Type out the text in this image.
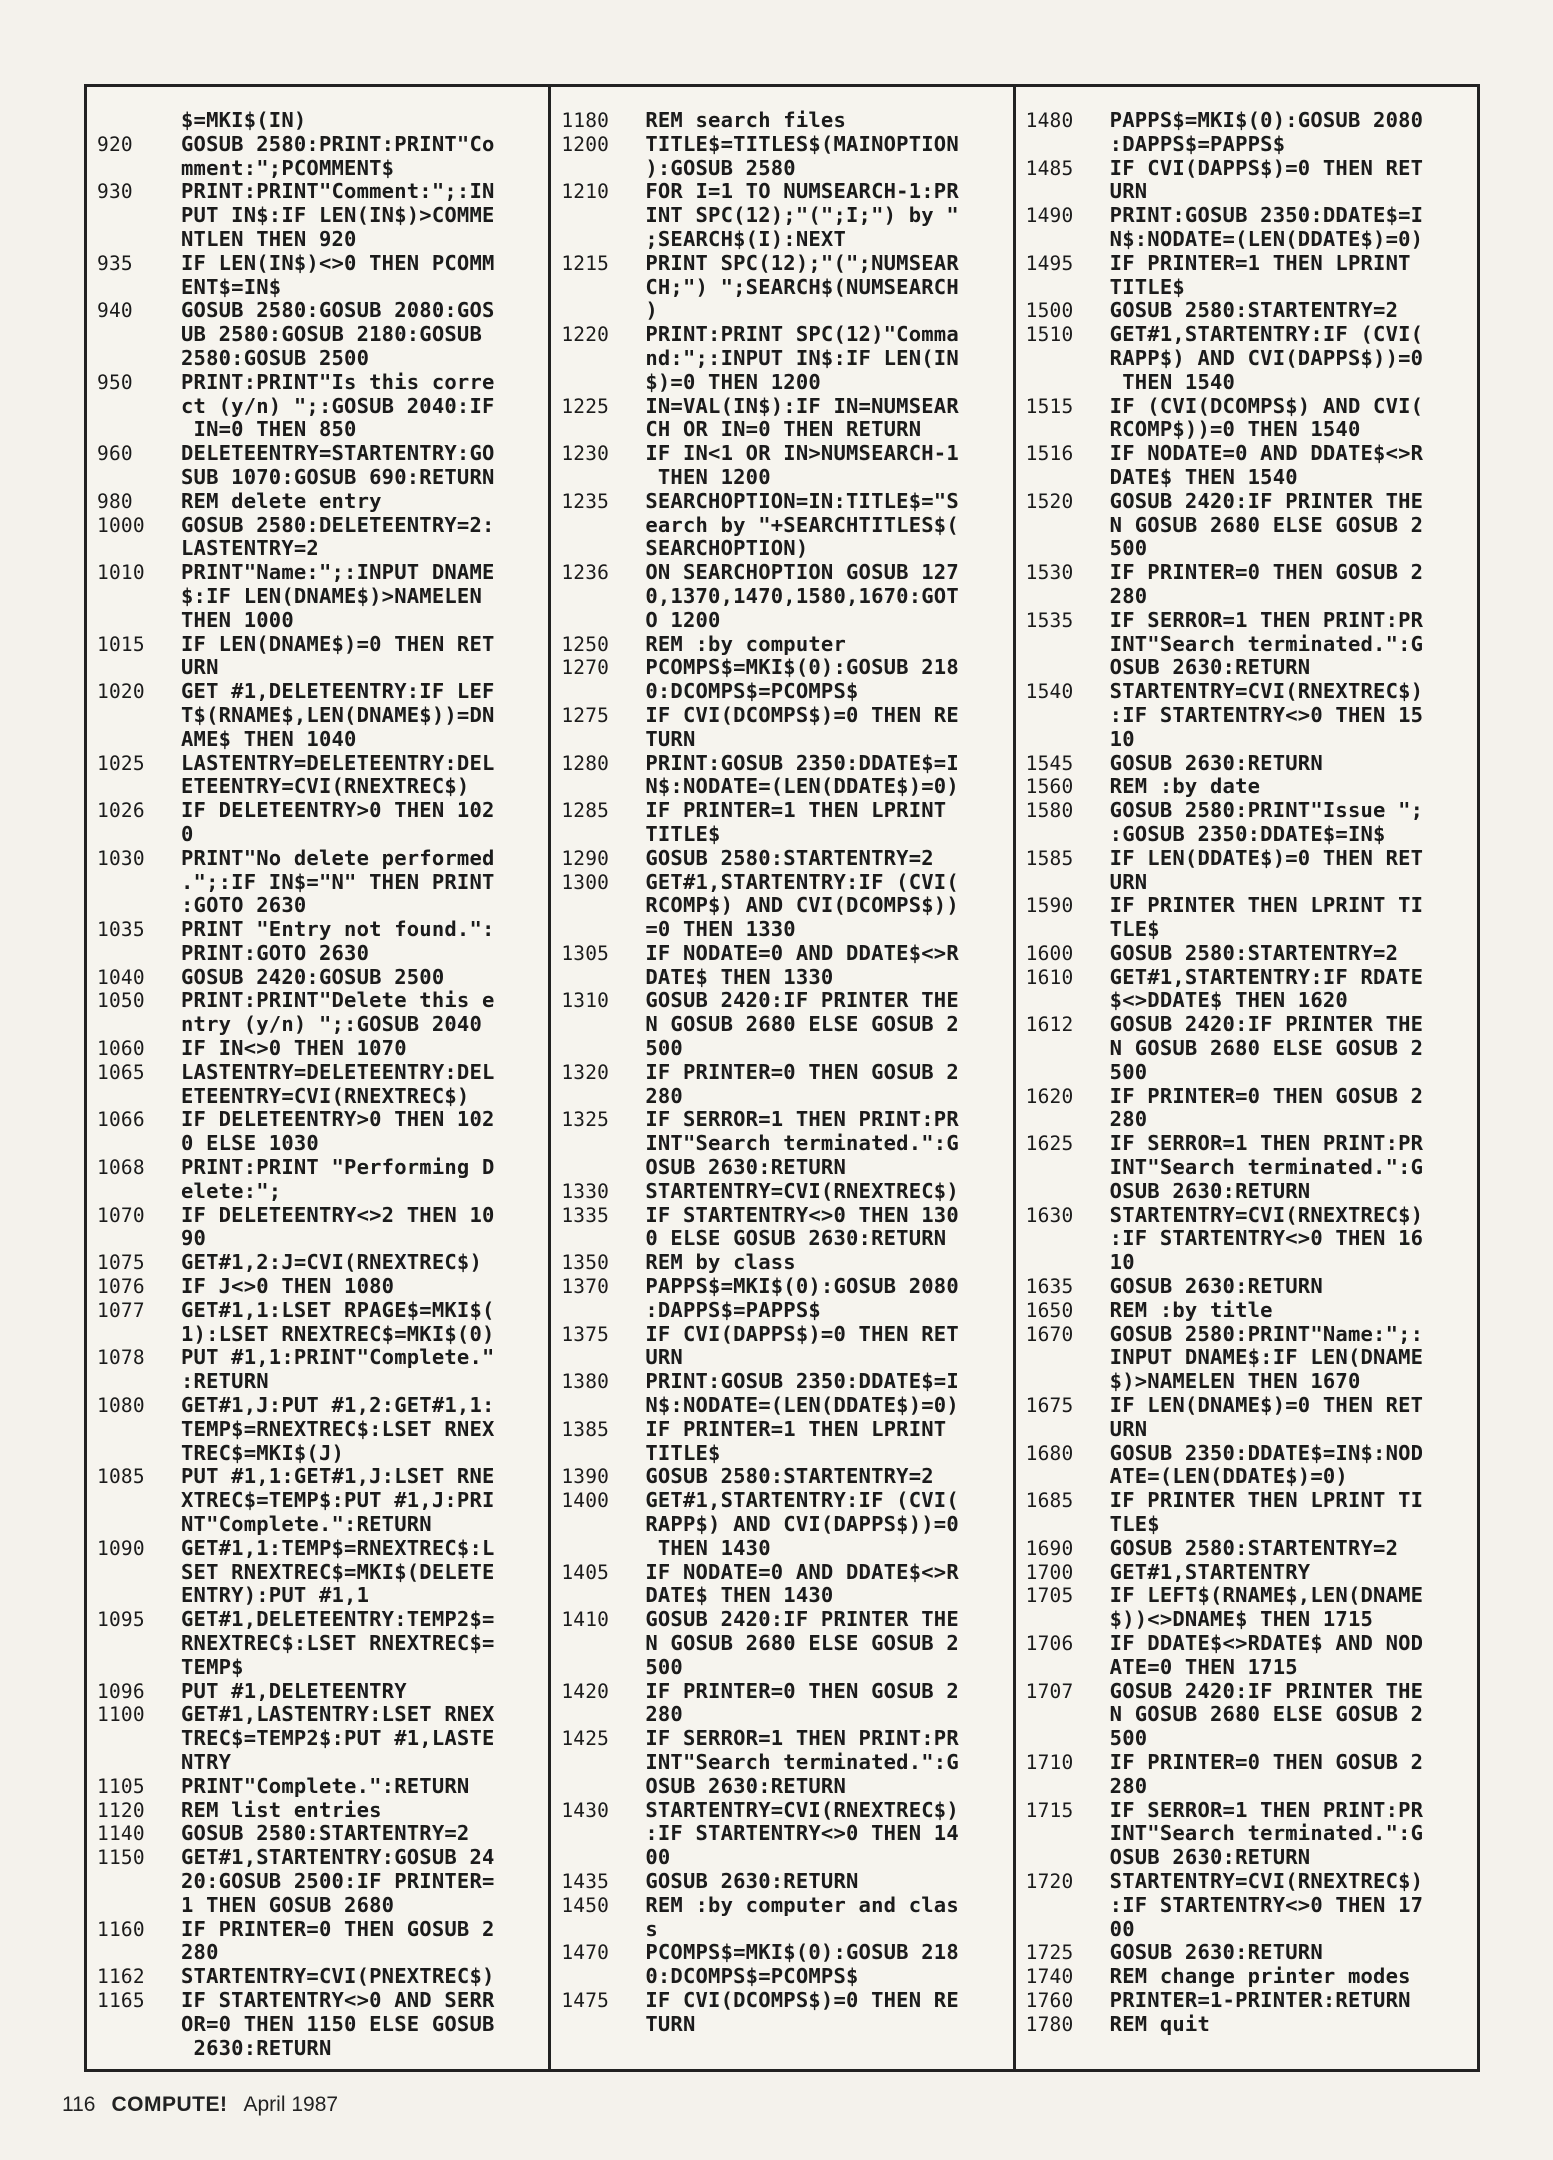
$=MKI$(IN)
920	GOSUB 2580:PRINT:PRINT"Co
mment:";PCOMMENT$
930	PRINT:PRINT"Comment:";:IN
PUT IN$:IF LEN(IN$)>COMME
NTLEN THEN 920
935	IF LEN(IN$)<>0 THEN PCOMM
ENT$=IN$
940	GOSUB 2580:GOSUB 2080:GOS
UB 2580:GOSUB 2180:GOSUB
2580:GOSUB 2500
950	PRINT:PRINT"Is this corre
ct (y/n) ";:GOSUB 2040:IF
IN=0 THEN 850
960	DELETEENTRY=STARTENTRY:GO
SUB 1070:GOSUB 690:RETURN
980	REM delete entry
1000	GOSUB 2580:DELETEENTRY=2:
LASTENTRY=2
1010	PRINT"Name:";:INPUT DNAME
$:IF LEN(DNAME$)>NAMELEN
THEN 1000
1015	IF LEN(DNAME$)=0 THEN RET
URN
1020	GET #1,DELETEENTRY:IF LEF
T$(RNAME$,LEN(DNAME$))=DN
AME$ THEN 1040
1025	LASTENTRY=DELETEENTRY:DEL
ETEENTRY=CVI(RNEXTREC$)
1026	IF DELETEENTRY>0 THEN 102
0
1030	PRINT"No delete performed
.";:IF IN$="N" THEN PRINT
:GOTO 2630
1035	PRINT "Entry not found.":
PRINT:GOTO 2630
1040	GOSUB 2420:GOSUB 2500
1050	PRINT:PRINT"Delete this e
ntry (y/n) ";:GOSUB 2040
1060	IF IN<>0 THEN 1070
1065	LASTENTRY=DELETEENTRY:DEL
ETEENTRY=CVI(RNEXTREC$)
1066	IF DELETEENTRY>0 THEN 102
0 ELSE 1030
1068	PRINT:PRINT "Performing D
elete:";
1070	IF DELETEENTRY<>2 THEN 10
90
1075	GET#1,2:J=CVI(RNEXTREC$)
1076	IF J<>0 THEN 1080
1077	GET#1,1:LSET RPAGE$=MKI$(
1):LSET RNEXTREC$=MKI$(0)
1078	PUT #1,1:PRINT"Complete."
:RETURN
1080	GET#1,J:PUT #1,2:GET#1,1:
TEMP$=RNEXTREC$:LSET RNEX
TREC$=MKI$(J)
1085	PUT #1,1:GET#1,J:LSET RNE
XTREC$=TEMP$:PUT #1,J:PRI
NT"Complete.":RETURN
1090	GET#1,1:TEMP$=RNEXTREC$:L
SET RNEXTREC$=MKI$(DELETE
ENTRY):PUT #1,1
1095	GET#1,DELETEENTRY:TEMP2$=
RNEXTREC$:LSET RNEXTREC$=
TEMP$
1096	PUT #1,DELETEENTRY
1100	GET#1,LASTENTRY:LSET RNEX
TREC$=TEMP2$:PUT #1,LASTE
NTRY
1105	PRINT"Complete.":RETURN
1120	REM list entries
1140	GOSUB 2580:STARTENTRY=2
1150	GET#1,STARTENTRY:GOSUB 24
20:GOSUB 2500:IF PRINTER=
1 THEN GOSUB 2680
1160	IF PRINTER=0 THEN GOSUB 2
280
1162	STARTENTRY=CVI(PNEXTREC$)
1165	IF STARTENTRY<>0 AND SERR
OR=0 THEN 1150 ELSE GOSUB
2630:RETURN
1180	REM search files
1200	TITLE$=TITLES$(MAINOPTION
):GOSUB 2580
1210	FOR I=1 TO NUMSEARCH-1:PR
INT SPC(12);"(";I;") by "
;SEARCH$(I):NEXT
1215	PRINT SPC(12);"(";NUMSEAR
CH;") ";SEARCH$(NUMSEARCH
)
1220	PRINT:PRINT SPC(12)"Comma
nd:";:INPUT IN$:IF LEN(IN
$)=0 THEN 1200
1225	IN=VAL(IN$):IF IN=NUMSEAR
CH OR IN=0 THEN RETURN
1230	IF IN<1 OR IN>NUMSEARCH-1
THEN 1200
1235	SEARCHOPTION=IN:TITLE$="S
earch by "+SEARCHTITLES$(
SEARCHOPTION)
1236	ON SEARCHOPTION GOSUB 127
0,1370,1470,1580,1670:GOT
O 1200
1250	REM :by computer
1270	PCOMPS$=MKI$(0):GOSUB 218
0:DCOMPS$=PCOMPS$
1275	IF CVI(DCOMPS$)=0 THEN RE
TURN
1280	PRINT:GOSUB 2350:DDATE$=I
N$:NODATE=(LEN(DDATE$)=0)
1285	IF PRINTER=1 THEN LPRINT
TITLE$
1290	GOSUB 2580:STARTENTRY=2
1300	GET#1,STARTENTRY:IF (CVI(
RCOMP$) AND CVI(DCOMPS$))
=0 THEN 1330
1305	IF NODATE=0 AND DDATE$<>R
DATE$ THEN 1330
1310	GOSUB 2420:IF PRINTER THE
N GOSUB 2680 ELSE GOSUB 2
500
1320	IF PRINTER=0 THEN GOSUB 2
280
1325	IF SERROR=1 THEN PRINT:PR
INT"Search terminated.":G
OSUB 2630:RETURN
1330	STARTENTRY=CVI(RNEXTREC$)
1335	IF STARTENTRY<>0 THEN 130
0 ELSE GOSUB 2630:RETURN
1350	REM by class
1370	PAPPS$=MKI$(0):GOSUB 2080
:DAPPS$=PAPPS$
1375	IF CVI(DAPPS$)=0 THEN RET
URN
1380	PRINT:GOSUB 2350:DDATE$=I
N$:NODATE=(LEN(DDATE$)=0)
1385	IF PRINTER=1 THEN LPRINT
TITLE$
1390	GOSUB 2580:STARTENTRY=2
1400	GET#1,STARTENTRY:IF (CVI(
RAPP$) AND CVI(DAPPS$))=0
THEN 1430
1405	IF NODATE=0 AND DDATE$<>R
DATE$ THEN 1430
1410	GOSUB 2420:IF PRINTER THE
N GOSUB 2680 ELSE GOSUB 2
500
1420	IF PRINTER=0 THEN GOSUB 2
280
1425	IF SERROR=1 THEN PRINT:PR
INT"Search terminated.":G
OSUB 2630:RETURN
1430	STARTENTRY=CVI(RNEXTREC$)
:IF STARTENTRY<>0 THEN 14
00
1435	GOSUB 2630:RETURN
1450	REM :by computer and clas
s
1470	PCOMPS$=MKI$(0):GOSUB 218
0:DCOMPS$=PCOMPS$
1475	IF CVI(DCOMPS$)=0 THEN RE
TURN
1480	PAPPS$=MKI$(0):GOSUB 2080
:DAPPS$=PAPPS$
1485	IF CVI(DAPPS$)=0 THEN RET
URN
1490	PRINT:GOSUB 2350:DDATE$=I
N$:NODATE=(LEN(DDATE$)=0)
1495	IF PRINTER=1 THEN LPRINT
TITLE$
1500	GOSUB 2580:STARTENTRY=2
1510	GET#1,STARTENTRY:IF (CVI(
RAPP$) AND CVI(DAPPS$))=0
THEN 1540
1515	IF (CVI(DCOMPS$) AND CVI(
RCOMP$))=0 THEN 1540
1516	IF NODATE=0 AND DDATE$<>R
DATE$ THEN 1540
1520	GOSUB 2420:IF PRINTER THE
N GOSUB 2680 ELSE GOSUB 2
500
1530	IF PRINTER=0 THEN GOSUB 2
280
1535	IF SERROR=1 THEN PRINT:PR
INT"Search terminated.":G
OSUB 2630:RETURN
1540	STARTENTRY=CVI(RNEXTREC$)
:IF STARTENTRY<>0 THEN 15
10
1545	GOSUB 2630:RETURN
1560	REM :by date
1580	GOSUB 2580:PRINT"Issue ";
:GOSUB 2350:DDATE$=IN$
1585	IF LEN(DDATE$)=0 THEN RET
URN
1590	IF PRINTER THEN LPRINT TI
TLE$
1600	GOSUB 2580:STARTENTRY=2
1610	GET#1,STARTENTRY:IF RDATE
$<>DDATE$ THEN 1620
1612	GOSUB 2420:IF PRINTER THE
N GOSUB 2680 ELSE GOSUB 2
500
1620	IF PRINTER=0 THEN GOSUB 2
280
1625	IF SERROR=1 THEN PRINT:PR
INT"Search terminated.":G
OSUB 2630:RETURN
1630	STARTENTRY=CVI(RNEXTREC$)
:IF STARTENTRY<>0 THEN 16
10
1635	GOSUB 2630:RETURN
1650	REM :by title
1670	GOSUB 2580:PRINT"Name:";:
INPUT DNAME$:IF LEN(DNAME
$)>NAMELEN THEN 1670
1675	IF LEN(DNAME$)=0 THEN RET
URN
1680	GOSUB 2350:DDATE$=IN$:NOD
ATE=(LEN(DDATE$)=0)
1685	IF PRINTER THEN LPRINT TI
TLE$
1690	GOSUB 2580:STARTENTRY=2
1700	GET#1,STARTENTRY
1705	IF LEFT$(RNAME$,LEN(DNAME
$))<>DNAME$ THEN 1715
1706	IF DDATE$<>RDATE$ AND NOD
ATE=0 THEN 1715
1707	GOSUB 2420:IF PRINTER THE
N GOSUB 2680 ELSE GOSUB 2
500
1710	IF PRINTER=0 THEN GOSUB 2
280
1715	IF SERROR=1 THEN PRINT:PR
INT"Search terminated.":G
OSUB 2630:RETURN
1720	STARTENTRY=CVI(RNEXTREC$)
:IF STARTENTRY<>0 THEN 17
00
1725	GOSUB 2630:RETURN
1740	REM change printer modes
1760	PRINTER=1-PRINTER:RETURN
1780	REM quit
116 COMPUTE! April 1987
